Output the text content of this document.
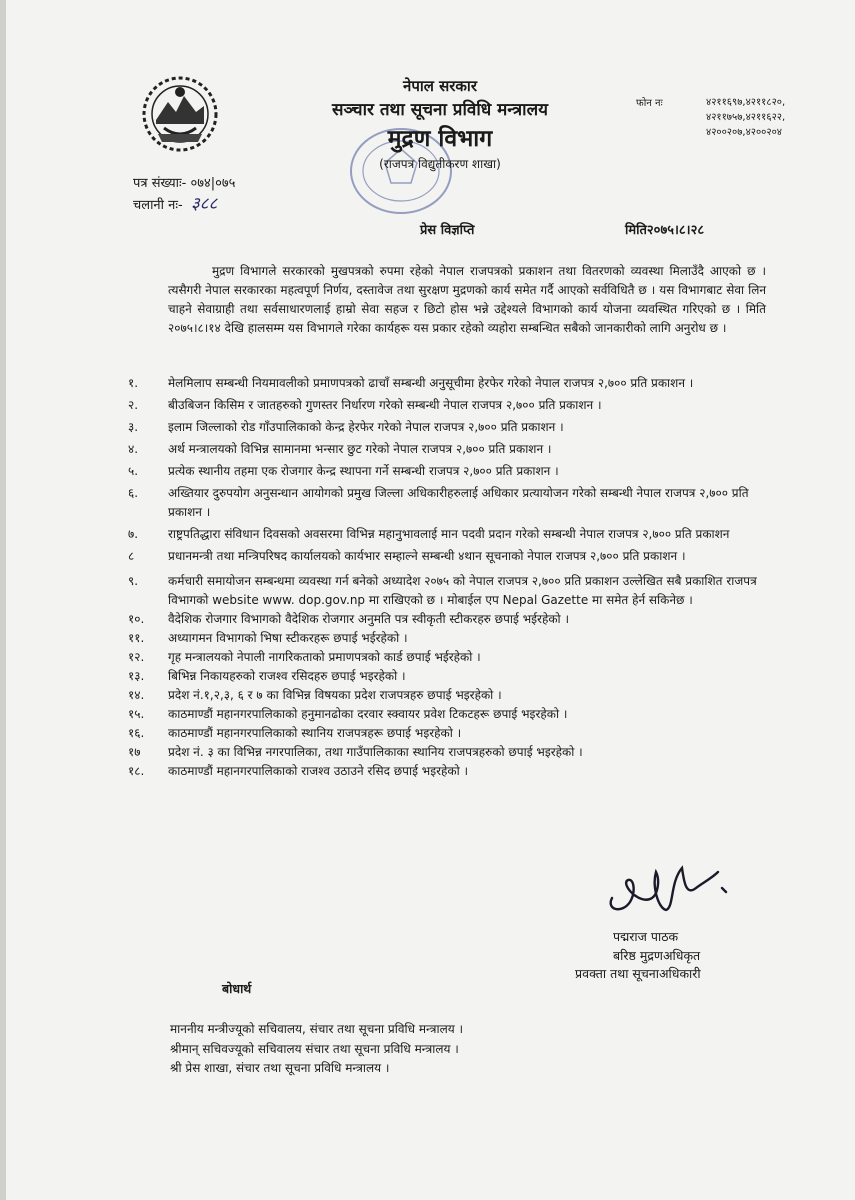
नेपाल सरकार
सञ्चार तथा सूचना प्रविधि मन्त्रालय
मुद्रण विभाग
(राजपत्र विद्युतीकरण शाखा)
फोन नः	४२११६९७,४२११८२०,
४२११७५७,४२११६२२,
४२००२०७,४२००२०४
पत्र संख्याः- ०७४|०७५
चलानी नः- ३८८
प्रेस विज्ञप्ति	मिति२०७५।८।२८
मुद्रण विभागले सरकारको मुखपत्रको रुपमा रहेको नेपाल राजपत्रको प्रकाशन तथा वितरणको व्यवस्था मिलाउँदै आएको छ । त्यसैगरी नेपाल सरकारका महत्वपूर्ण निर्णय, दस्तावेज तथा सुरक्षण मुद्रणको कार्य समेत गर्दै आएको सर्वविधितै छ । यस विभागबाट सेवा लिन चाहने सेवाग्राही तथा सर्वसाधारणलाई हाम्रो सेवा सहज र छिटो होस भन्ने उद्देश्यले विभागको कार्य योजना व्यवस्थित गरिएको छ । मिति २०७५।८।१४ देखि हालसम्म यस विभागले गरेका कार्यहरू यस प्रकार रहेको व्यहोरा सम्बन्धित सबैको जानकारीको लागि अनुरोध छ ।
१.	मेलमिलाप सम्बन्धी नियमावलीको प्रमाणपत्रको ढाचाँ सम्बन्धी अनुसूचीमा हेरफेर गरेको नेपाल राजपत्र २,७०० प्रति प्रकाशन ।
२.	बीउबिजन किसिम र जातहरुको गुणस्तर निर्धारण गरेको सम्बन्धी नेपाल राजपत्र २,७०० प्रति प्रकाशन ।
३.	इलाम जिल्लाको रोड गाँउपालिकाको केन्द्र हेरफेर गरेको नेपाल राजपत्र २,७०० प्रति प्रकाशन ।
४.	अर्थ मन्त्रालयको विभिन्न सामानमा भन्सार छुट गरेको नेपाल राजपत्र २,७०० प्रति प्रकाशन ।
५.	प्रत्येक स्थानीय तहमा एक रोजगार केन्द्र स्थापना गर्ने सम्बन्धी राजपत्र २,७०० प्रति प्रकाशन ।
६.	अख्तियार दुरुपयोग अनुसन्धान आयोगको प्रमुख जिल्ला अधिकारीहरुलाई अधिकार प्रत्यायोजन गरेको सम्बन्धी नेपाल राजपत्र २,७०० प्रति प्रकाशन ।
७.	राष्ट्रपतिद्धारा संविधान दिवसको अवसरमा विभिन्न महानुभावलाई मान पदवी प्रदान गरेको सम्बन्धी नेपाल राजपत्र २,७०० प्रति प्रकाशन
८	प्रधानमन्त्री तथा मन्त्रिपरिषद कार्यालयको कार्यभार सम्हाल्ने सम्बन्धी ४थान सूचनाको नेपाल राजपत्र २,७०० प्रति प्रकाशन ।
९.	कर्मचारी समायोजन सम्बन्धमा व्यवस्था गर्न बनेको अध्यादेश २०७५ को नेपाल राजपत्र २,७०० प्रति प्रकाशन उल्लेखित सबै प्रकाशित राजपत्र विभागको website www. dop.gov.np मा राखिएको छ । मोबाईल एप Nepal Gazette मा समेत हेर्न सकिनेछ ।
१०.	वैदेशिक रोजगार विभागको वैदेशिक रोजगार अनुमति पत्र स्वीकृती स्टीकरहरु छपाई भईरहेको ।
११.	अध्यागमन विभागको भिषा स्टीकरहरू छपाई भईरहेको ।
१२.	गृह मन्त्रालयको नेपाली नागरिकताको प्रमाणपत्रको कार्ड छपाई भईरहेको ।
१३.	बिभिन्न निकायहरुको राजश्व रसिदहरु छपाई भइरहेको ।
१४.	प्रदेश नं.१,२,३, ६ र ७ का विभिन्न विषयका प्रदेश राजपत्रहरु छपाई भइरहेको ।
१५.	काठमाण्डौं महानगरपालिकाको हनुमानढोका दरवार स्क्वायर प्रवेश टिकटहरू छपाई भइरहेको ।
१६.	काठमाण्डौं महानगरपालिकाको स्थानिय राजपत्रहरू छपाई भइरहेको ।
१७	प्रदेश नं. ३ का विभिन्न नगरपालिका, तथा गाउँपालिकाका स्थानिय राजपत्रहरुको छपाई भइरहेको ।
१८.	काठमाण्डौं महानगरपालिकाको राजश्व उठाउने रसिद छपाई भइरहेको ।
पद्मराज पाठक
बरिष्ठ मुद्रणअधिकृत
प्रवक्ता तथा सूचनाअधिकारी
बोधार्थ
माननीय मन्त्रीज्यूको सचिवालय, संचार तथा सूचना प्रविधि मन्त्रालय ।
श्रीमान् सचिवज्यूको सचिवालय संचार तथा सूचना प्रविधि मन्त्रालय ।
श्री प्रेस शाखा, संचार तथा सूचना प्रविधि मन्त्रालय ।
